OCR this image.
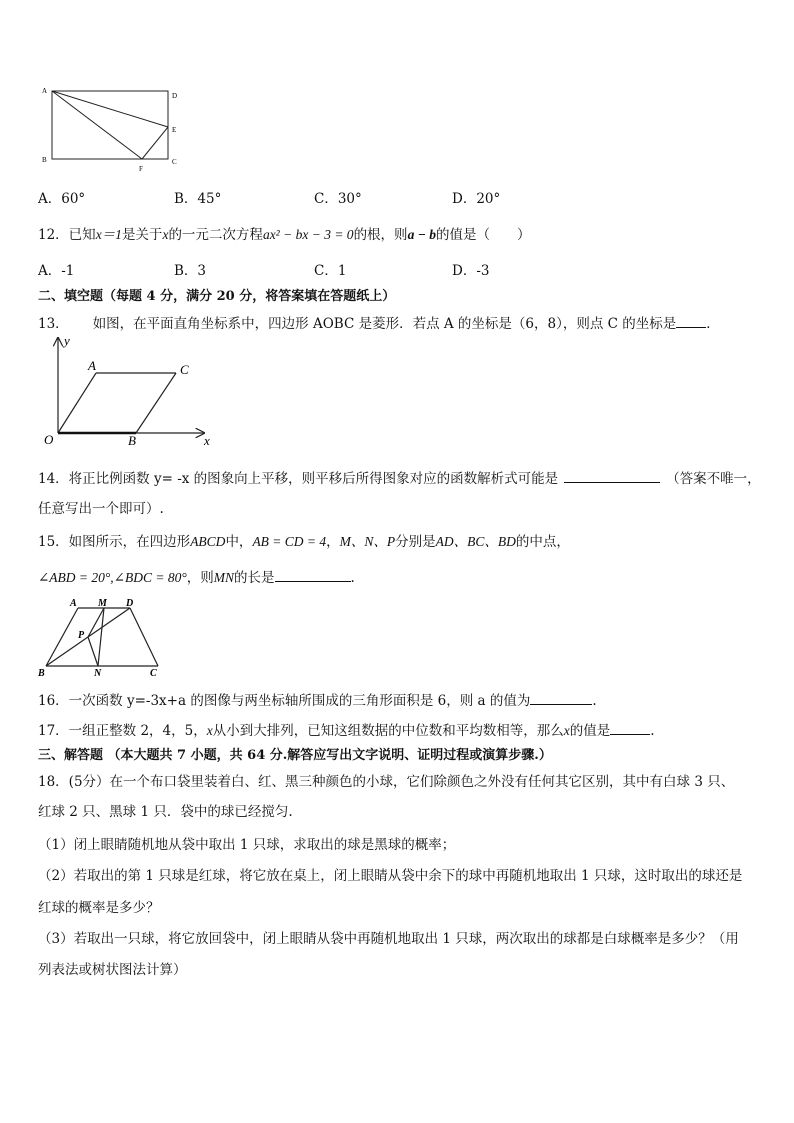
A
D
E
B	C
F
A．60°	B．45°	C．30°	D．20°
12．已知x＝1是关于x的一元二次方程ax² − bx − 3 = 0的根，则a − b的值是（　　）
A．-1	B．3	C．1	D．-3
二、填空题（每题 4 分，满分 20 分，将答案填在答题纸上）
13． 如图，在平面直角坐标系中，四边形 AOBC 是菱形．若点 A 的坐标是（6，8），则点 C 的坐标是 ．
y
x
O
A	C
B
14．将正比例函数 y= -x 的图象向上平移，则平移后所得图象对应的函数解析式可能是	（答案不唯一，
任意写出一个即可）.
15．如图所示，在四边形ABCD中，AB = CD = 4，M、N、P分别是AD、BC、BD的中点，
∠ABD = 20°,∠BDC = 80°，则MN的长是	.
A M D
P
B	N	C
16．一次函数 y=-3x+a 的图像与两坐标轴所围成的三角形面积是 6，则 a 的值为	.
17．一组正整数 2，4，5，x从小到大排列，已知这组数据的中位数和平均数相等，那么x的值是	.
三、解答题 （本大题共 7 小题，共 64 分.解答应写出文字说明、证明过程或演算步骤.）
18．(5分）在一个布口袋里装着白、红、黑三种颜色的小球，它们除颜色之外没有任何其它区别，其中有白球 3 只、
红球 2 只、黑球 1 只．袋中的球已经搅匀.
（1）闭上眼睛随机地从袋中取出 1 只球，求取出的球是黑球的概率；
（2）若取出的第 1 只球是红球，将它放在桌上，闭上眼睛从袋中余下的球中再随机地取出 1 只球，这时取出的球还是
红球的概率是多少？
（3）若取出一只球，将它放回袋中，闭上眼睛从袋中再随机地取出 1 只球，两次取出的球都是白球概率是多少？（用
列表法或树状图法计算）
